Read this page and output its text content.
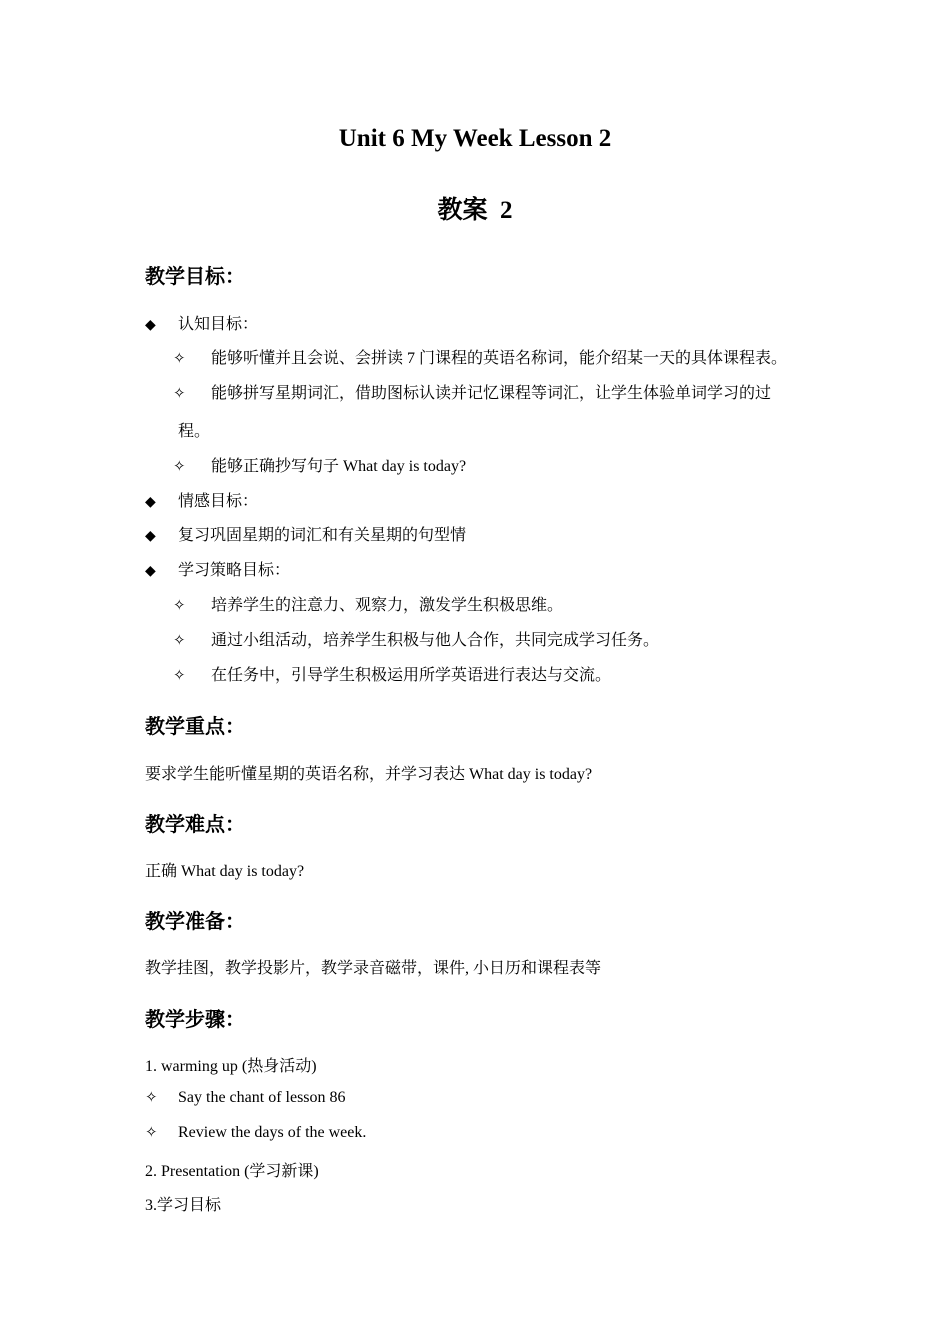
Unit 6 My Week Lesson 2
教案  2
教学目标：
◆ 认知目标：
✧ 能够听懂并且会说、会拼读 7 门课程的英语名称词，能介绍某一天的具体课程表。
✧ 能够拼写星期词汇，借助图标认读并记忆课程等词汇，让学生体验单词学习的过
程。
✧ 能够正确抄写句子 What day is today?
◆ 情感目标：
◆ 复习巩固星期的词汇和有关星期的句型情
◆ 学习策略目标：
✧ 培养学生的注意力、观察力，激发学生积极思维。
✧ 通过小组活动，培养学生积极与他人合作，共同完成学习任务。
✧ 在任务中，引导学生积极运用所学英语进行表达与交流。
教学重点：
要求学生能听懂星期的英语名称，并学习表达 What day is today?
教学难点：
正确 What day is today?
教学准备：
教学挂图，教学投影片，教学录音磁带，课件, 小日历和课程表等
教学步骤：
1. warming up (热身活动)
✧ Say the chant of lesson 86
✧ Review the days of the week.
2. Presentation (学习新课)
3.学习目标
